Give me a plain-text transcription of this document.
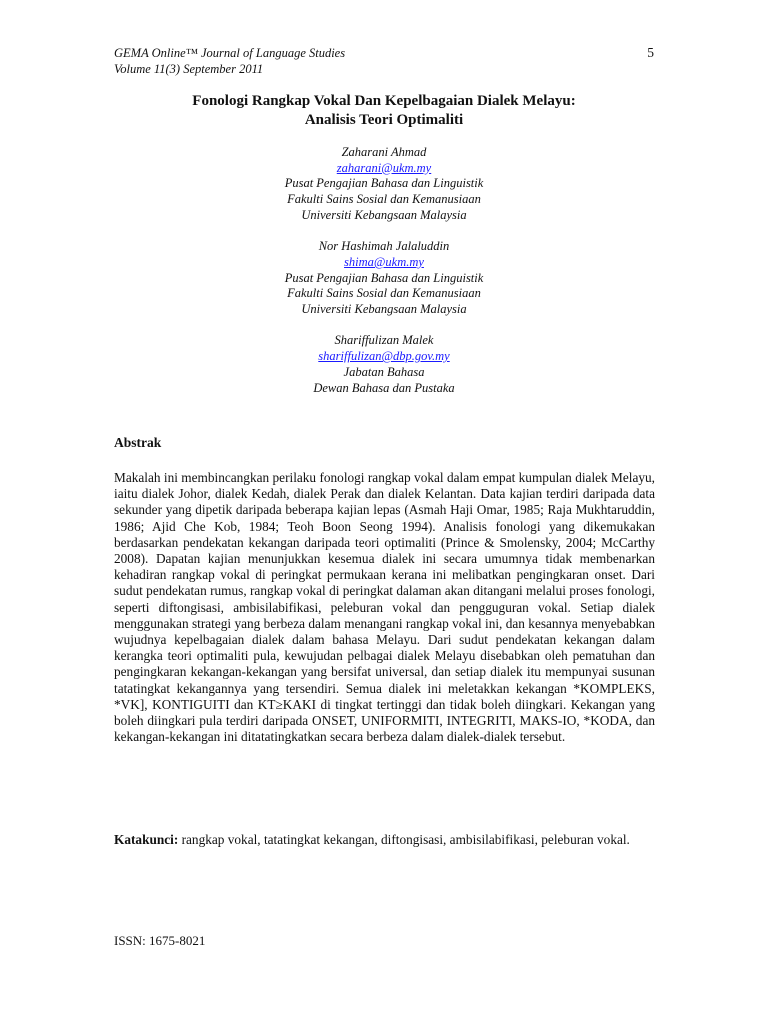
GEMA Online™ Journal of Language Studies
Volume 11(3) September 2011
5
Fonologi Rangkap Vokal Dan Kepelbagaian Dialek Melayu:
Analisis Teori Optimaliti
Zaharani Ahmad
zaharani@ukm.my
Pusat Pengajian Bahasa dan Linguistik
Fakulti Sains Sosial dan Kemanusiaan
Universiti Kebangsaan Malaysia
Nor Hashimah Jalaluddin
shima@ukm.my
Pusat Pengajian Bahasa dan Linguistik
Fakulti Sains Sosial dan Kemanusiaan
Universiti Kebangsaan Malaysia
Shariffulizan Malek
shariffulizan@dbp.gov.my
Jabatan Bahasa
Dewan Bahasa dan Pustaka
Abstrak
Makalah ini membincangkan perilaku fonologi rangkap vokal dalam empat kumpulan dialek Melayu, iaitu dialek Johor, dialek Kedah, dialek Perak dan dialek Kelantan. Data kajian terdiri daripada data sekunder yang dipetik daripada beberapa kajian lepas (Asmah Haji Omar, 1985; Raja Mukhtaruddin, 1986; Ajid Che Kob, 1984; Teoh Boon Seong 1994). Analisis fonologi yang dikemukakan berdasarkan pendekatan kekangan daripada teori optimaliti (Prince & Smolensky, 2004; McCarthy 2008). Dapatan kajian menunjukkan kesemua dialek ini secara umumnya tidak membenarkan kehadiran rangkap vokal di peringkat permukaan kerana ini melibatkan pengingkaran onset. Dari sudut pendekatan rumus, rangkap vokal di peringkat dalaman akan ditangani melalui proses fonologi, seperti diftongisasi, ambisilabifikasi, peleburan vokal dan pengguguran vokal. Setiap dialek menggunakan strategi yang berbeza dalam menangani rangkap vokal ini, dan kesannya menyebabkan wujudnya kepelbagaian dialek dalam bahasa Melayu. Dari sudut pendekatan kekangan dalam kerangka teori optimaliti pula, kewujudan pelbagai dialek Melayu disebabkan oleh pematuhan dan pengingkaran kekangan-kekangan yang bersifat universal, dan setiap dialek itu mempunyai susunan tatatingkat kekangannya yang tersendiri. Semua dialek ini meletakkan kekangan *KOMPLEKS, *VK], KONTIGUITI dan KT≥KAKI di tingkat tertinggi dan tidak boleh diingkari. Kekangan yang boleh diingkari pula terdiri daripada ONSET, UNIFORMITI, INTEGRITI, MAKS-IO, *KODA, dan kekangan-kekangan ini ditatatingkatkan secara berbeza dalam dialek-dialek tersebut.
Katakunci: rangkap vokal, tatatingkat kekangan, diftongisasi, ambisilabifikasi, peleburan vokal.
ISSN: 1675-8021
